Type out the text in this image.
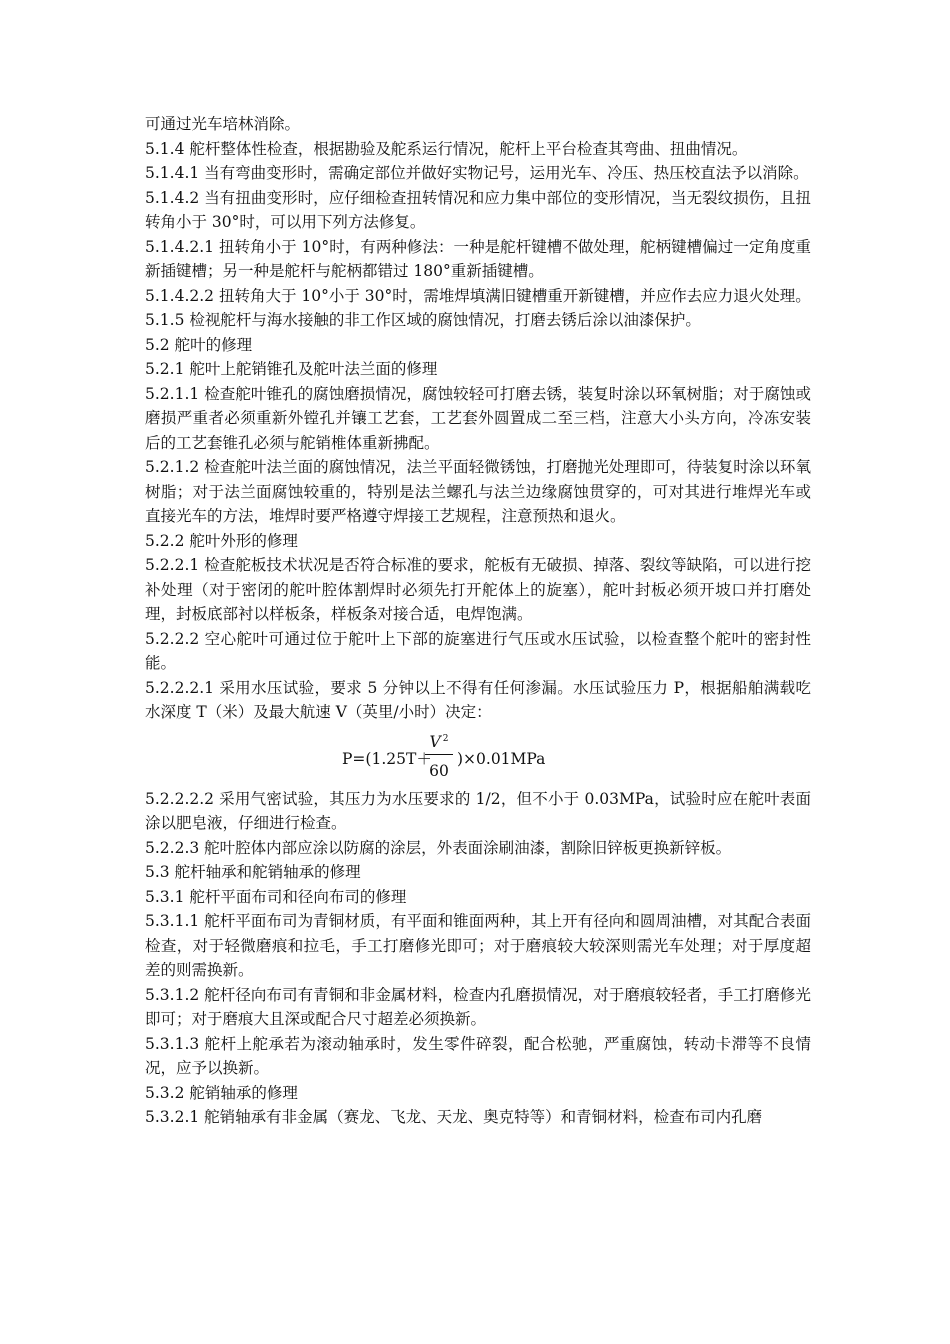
可通过光车培林消除。

5.1.4 舵杆整体性检查，根据勘验及舵系运行情况，舵杆上平台检查其弯曲、扭曲情况。

5.1.4.1 当有弯曲变形时，需确定部位并做好实物记号，运用光车、冷压、热压校直法予以消除。

5.1.4.2 当有扭曲变形时，应仔细检查扭转情况和应力集中部位的变形情况，当无裂纹损伤，且扭转角小于 30°时，可以用下列方法修复。

5.1.4.2.1 扭转角小于 10°时，有两种修法：一种是舵杆键槽不做处理，舵柄键槽偏过一定角度重新插键槽；另一种是舵杆与舵柄都错过 180°重新插键槽。

5.1.4.2.2 扭转角大于 10°小于 30°时，需堆焊填满旧键槽重开新键槽，并应作去应力退火处理。

5.1.5 检视舵杆与海水接触的非工作区域的腐蚀情况，打磨去锈后涂以油漆保护。

5.2 舵叶的修理

5.2.1 舵叶上舵销锥孔及舵叶法兰面的修理

5.2.1.1 检查舵叶锥孔的腐蚀磨损情况，腐蚀较轻可打磨去锈，装复时涂以环氧树脂；对于腐蚀或磨损严重者必须重新外镗孔并镶工艺套，工艺套外圆置成二至三档，注意大小头方向，冷冻安装后的工艺套锥孔必须与舵销椎体重新拂配。

5.2.1.2 检查舵叶法兰面的腐蚀情况，法兰平面轻微锈蚀，打磨抛光处理即可，待装复时涂以环氧树脂；对于法兰面腐蚀较重的，特别是法兰螺孔与法兰边缘腐蚀贯穿的，可对其进行堆焊光车或直接光车的方法，堆焊时要严格遵守焊接工艺规程，注意预热和退火。

5.2.2 舵叶外形的修理

5.2.2.1 检查舵板技术状况是否符合标准的要求，舵板有无破损、掉落、裂纹等缺陷，可以进行挖补处理（对于密闭的舵叶腔体割焊时必须先打开舵体上的旋塞），舵叶封板必须开坡口并打磨处理，封板底部衬以样板条，样板条对接合适，电焊饱满。

5.2.2.2 空心舵叶可通过位于舵叶上下部的旋塞进行气压或水压试验，以检查整个舵叶的密封性能。

5.2.2.2.1 采用水压试验，要求 5 分钟以上不得有任何渗漏。水压试验压力 P，根据船舶满载吃水深度 T（米）及最大航速 V（英里/小时）决定：

P=(1.25T＋
V $^2$
60
)×0.01MPa

5.2.2.2.2 采用气密试验，其压力为水压要求的 1/2，但不小于 0.03MPa，试验时应在舵叶表面涂以肥皂液，仔细进行检查。

5.2.2.3 舵叶腔体内部应涂以防腐的涂层，外表面涂刷油漆，割除旧锌板更换新锌板。

5.3 舵杆轴承和舵销轴承的修理

5.3.1 舵杆平面布司和径向布司的修理

5.3.1.1 舵杆平面布司为青铜材质，有平面和锥面两种，其上开有径向和圆周油槽，对其配合表面检查，对于轻微磨痕和拉毛，手工打磨修光即可；对于磨痕较大较深则需光车处理；对于厚度超差的则需换新。

5.3.1.2 舵杆径向布司有青铜和非金属材料，检查内孔磨损情况，对于磨痕较轻者，手工打磨修光即可；对于磨痕大且深或配合尺寸超差必须换新。

5.3.1.3 舵杆上舵承若为滚动轴承时，发生零件碎裂，配合松驰，严重腐蚀，转动卡滞等不良情况，应予以换新。

5.3.2 舵销轴承的修理

5.3.2.1 舵销轴承有非金属（赛龙、飞龙、天龙、奥克特等）和青铜材料，检查布司内孔磨
